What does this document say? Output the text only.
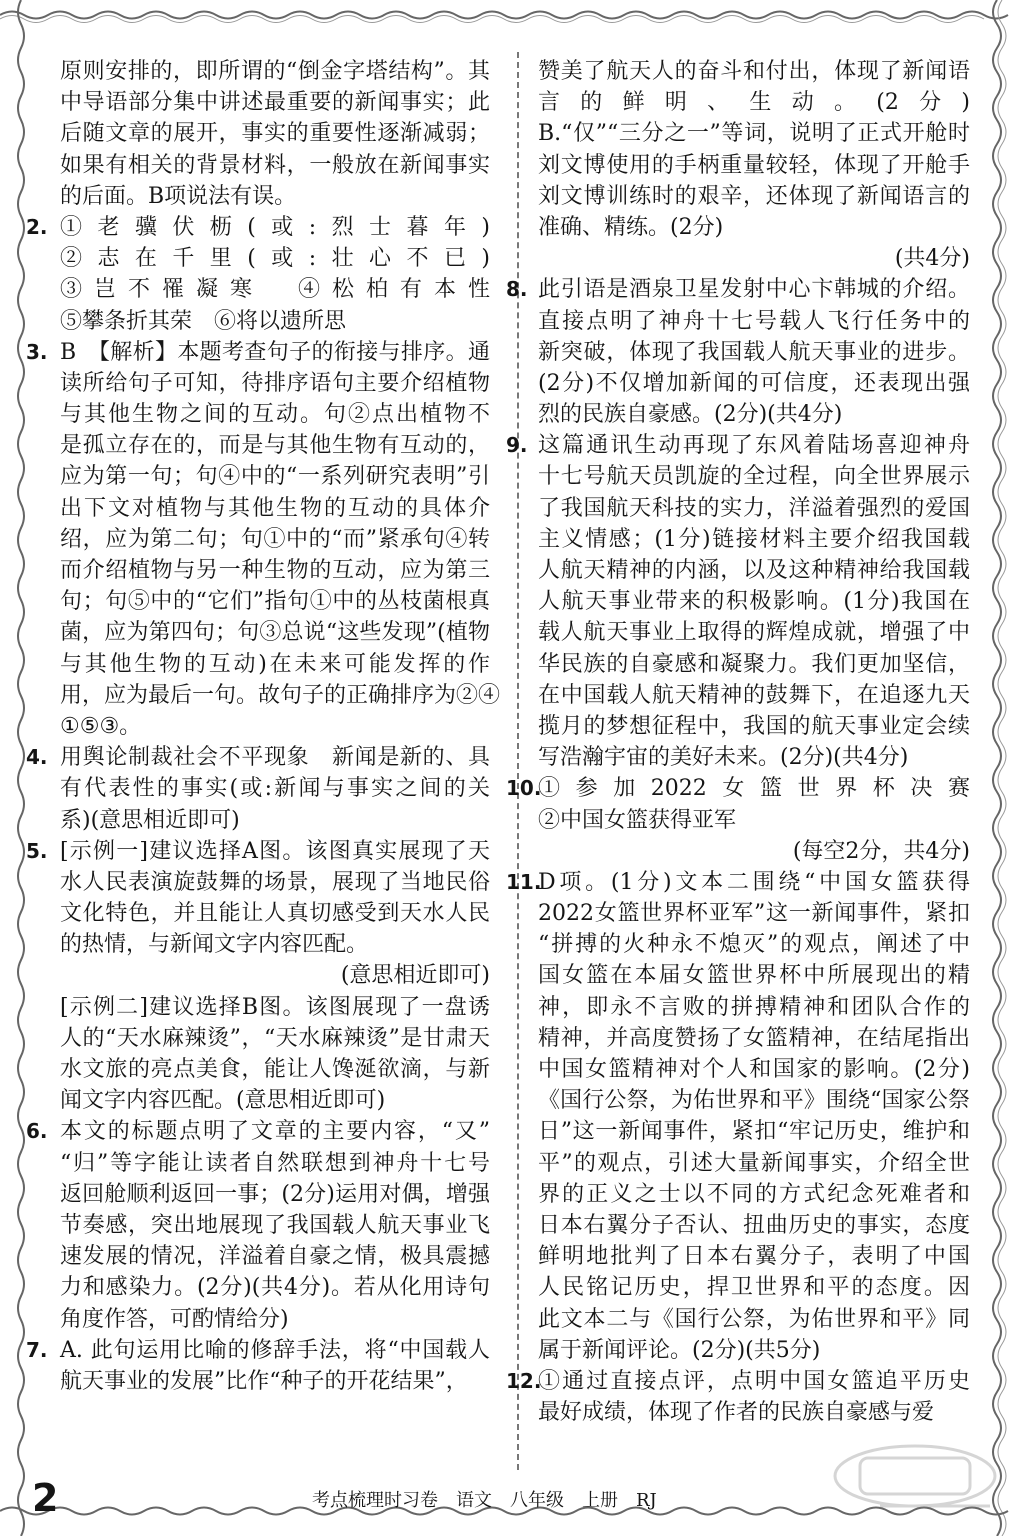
原则安排的，即所谓的“倒金字塔结构”。其
中导语部分集中讲述最重要的新闻事实；此
后随文章的展开，事实的重要性逐渐减弱；
如果有相关的背景材料，一般放在新闻事实
的后面。B项说法有误。
2. ①老骥伏枥(或:烈士暮年)
②志在千里(或:壮心不已)
③岂不罹凝寒　④松柏有本性
⑤攀条折其荣　⑥将以遗所思
3. B　【解析】本题考查句子的衔接与排序。通
读所给句子可知，待排序语句主要介绍植物
与其他生物之间的互动。句②点出植物不
是孤立存在的，而是与其他生物有互动的，
应为第一句；句④中的“一系列研究表明”引
出下文对植物与其他生物的互动的具体介
绍，应为第二句；句①中的“而”紧承句④转
而介绍植物与另一种生物的互动，应为第三
句；句⑤中的“它们”指句①中的丛枝菌根真
菌，应为第四句；句③总说“这些发现”(植物
与其他生物的互动)在未来可能发挥的作
用，应为最后一句。故句子的正确排序为②④
①⑤③。
4. 用舆论制裁社会不平现象　新闻是新的、具
有代表性的事实(或:新闻与事实之间的关
系)(意思相近即可)
5. [示例一]建议选择A图。该图真实展现了天
水人民表演旋鼓舞的场景，展现了当地民俗
文化特色，并且能让人真切感受到天水人民
的热情，与新闻文字内容匹配。
(意思相近即可)
[示例二]建议选择B图。该图展现了一盘诱
人的“天水麻辣烫”，“天水麻辣烫”是甘肃天
水文旅的亮点美食，能让人馋涎欲滴，与新
闻文字内容匹配。(意思相近即可)
6. 本文的标题点明了文章的主要内容，“又”
“归”等字能让读者自然联想到神舟十七号
返回舱顺利返回一事；(2分)运用对偶，增强
节奏感，突出地展现了我国载人航天事业飞
速发展的情况，洋溢着自豪之情，极具震撼
力和感染力。(2分)(共4分)。若从化用诗句
角度作答，可酌情给分)
7. A. 此句运用比喻的修辞手法，将“中国载人
航天事业的发展”比作“种子的开花结果”，
赞美了航天人的奋斗和付出，体现了新闻语
言的鲜明、生动。(2分)
B.“仅”“三分之一”等词，说明了正式开舱时
刘文博使用的手柄重量较轻，体现了开舱手
刘文博训练时的艰辛，还体现了新闻语言的
准确、精练。(2分)
(共4分)
8. 此引语是酒泉卫星发射中心卞韩城的介绍。
直接点明了神舟十七号载人飞行任务中的
新突破，体现了我国载人航天事业的进步。
(2分)不仅增加新闻的可信度，还表现出强
烈的民族自豪感。(2分)(共4分)
9. 这篇通讯生动再现了东风着陆场喜迎神舟
十七号航天员凯旋的全过程，向全世界展示
了我国航天科技的实力，洋溢着强烈的爱国
主义情感；(1分)链接材料主要介绍我国载
人航天精神的内涵，以及这种精神给我国载
人航天事业带来的积极影响。(1分)我国在
载人航天事业上取得的辉煌成就，增强了中
华民族的自豪感和凝聚力。我们更加坚信，
在中国载人航天精神的鼓舞下，在追逐九天
揽月的梦想征程中，我国的航天事业定会续
写浩瀚宇宙的美好未来。(2分)(共4分)
10.
①参加2022女篮世界杯决赛
②中国女篮获得亚军
(每空2分，共4分)
11.
D项。(1分)文本二围绕“中国女篮获得
2022女篮世界杯亚军”这一新闻事件，紧扣
“拼搏的火种永不熄灭”的观点，阐述了中
国女篮在本届女篮世界杯中所展现出的精
神，即永不言败的拼搏精神和团队合作的
精神，并高度赞扬了女篮精神，在结尾指出
中国女篮精神对个人和国家的影响。(2分)
《国行公祭，为佑世界和平》围绕“国家公祭
日”这一新闻事件，紧扣“牢记历史，维护和
平”的观点，引述大量新闻事实，介绍全世
界的正义之士以不同的方式纪念死难者和
日本右翼分子否认、扭曲历史的事实，态度
鲜明地批判了日本右翼分子，表明了中国
人民铭记历史，捍卫世界和平的态度。因
此文本二与《国行公祭，为佑世界和平》同
属于新闻评论。(2分)(共5分)
12.
①通过直接点评，点明中国女篮追平历史
最好成绩，体现了作者的民族自豪感与爱
2	考点梳理时习卷　语文　八年级　上册　RJ
